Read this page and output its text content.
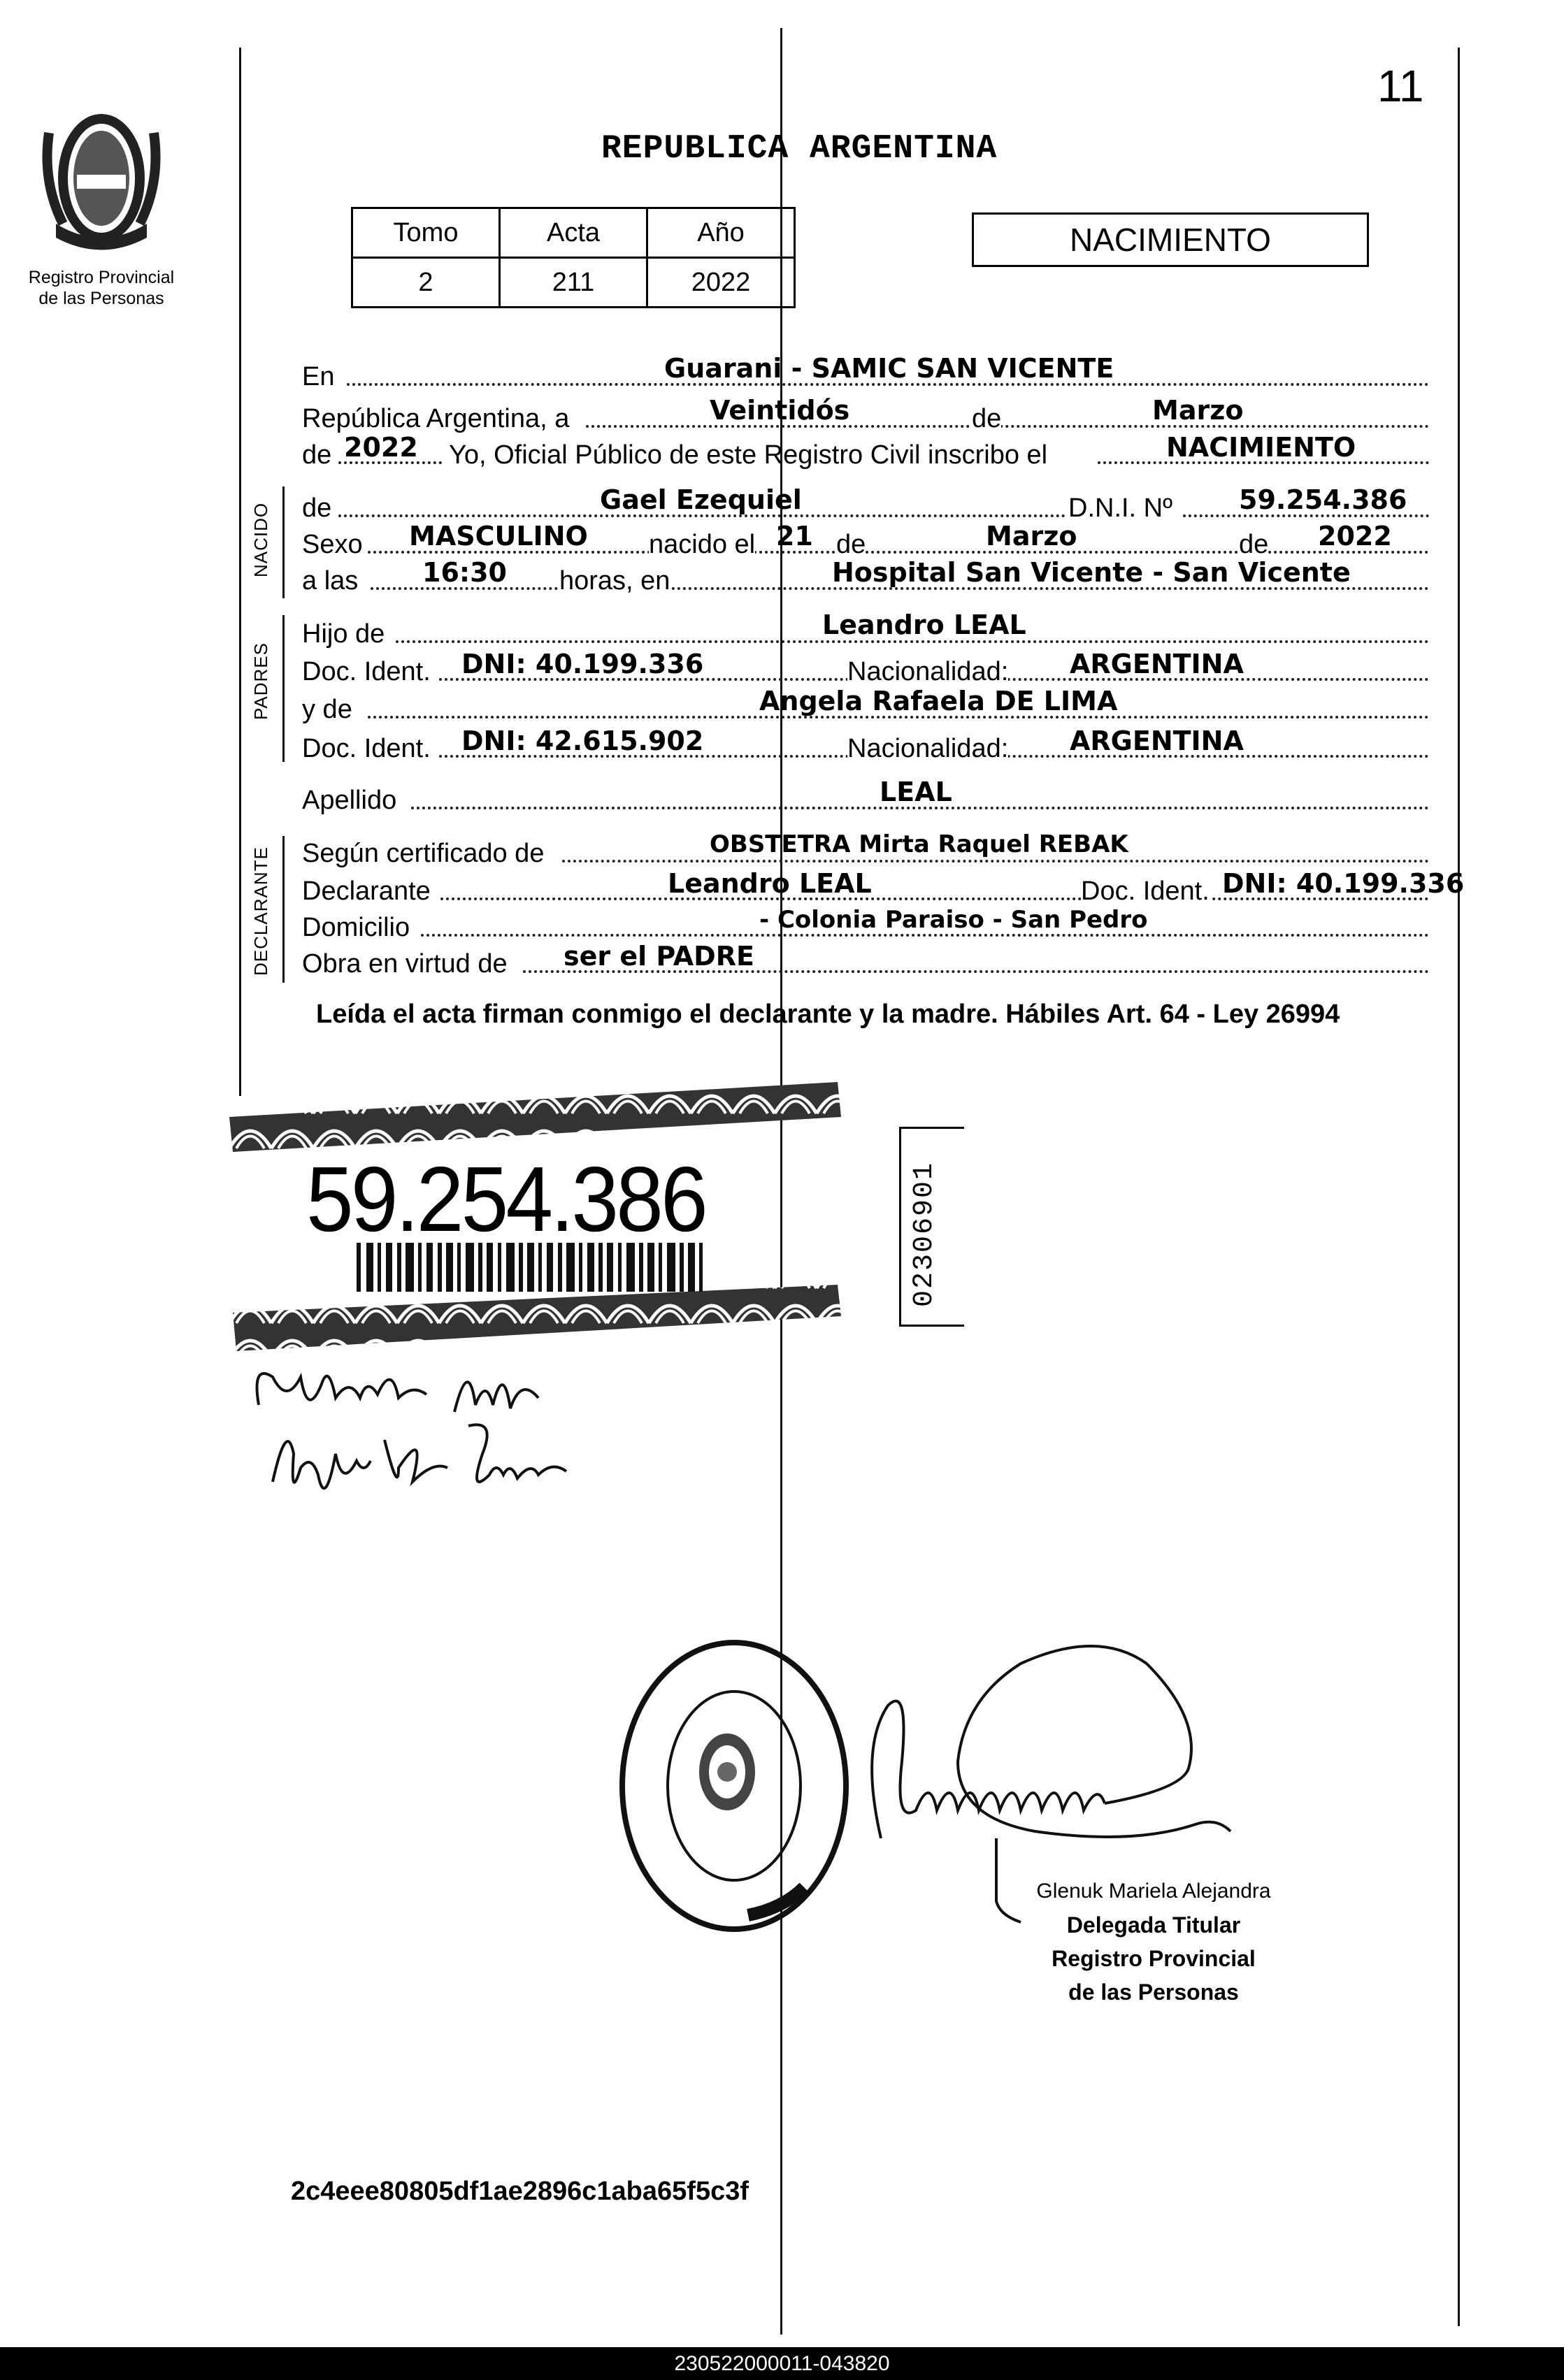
11
Registro Provincial
de las Personas
REPUBLICA ARGENTINA
Tomo	Acta	Año
2	211	2022
NACIMIENTO
En	Guarani - SAMIC SAN VICENTE
República Argentina, a	Veintidós	de	Marzo
de 2022 Yo, Oficial Público de este Registro Civil inscribo el	NACIMIENTO
NACIDO de	Gael Ezequiel	D.N.I. Nº	59.254.386
Sexo MASCULINO nacido el 21 de	Marzo	de 2022
a las 16:30 horas, en	Hospital San Vicente - San Vicente
PADRES
Hijo de	Leandro LEAL
Doc. Ident. DNI: 40.199.336	Nacionalidad: ARGENTINA
y de	Angela Rafaela DE LIMA
Doc. Ident. DNI: 42.615.902	Nacionalidad: ARGENTINA
Apellido	LEAL
DECLARANTE Según certificado de	OBSTETRA Mirta Raquel REBAK
Declarante	Leandro LEAL	Doc. Ident. DNI: 40.199.336
Domicilio	- Colonia Paraiso - San Pedro
Obra en virtud de ser el PADRE
Leída el acta firman conmigo el declarante y la madre. Hábiles Art. 64 - Ley 26994
59.254.386	02306901
Glenuk Mariela Alejandra
Delegada Titular
Registro Provincial
de las Personas
2c4eee80805df1ae2896c1aba65f5c3f
230522000011-043820
